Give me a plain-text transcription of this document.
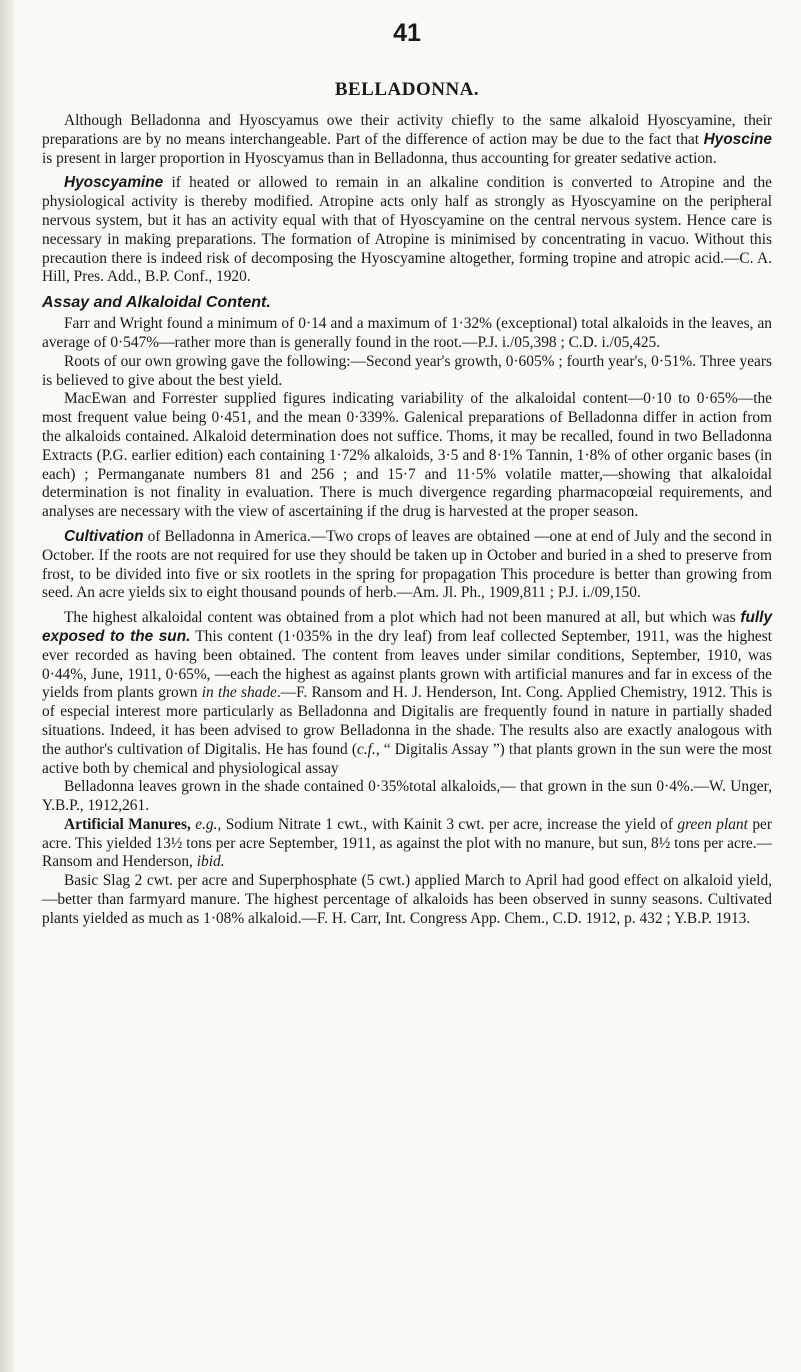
41
BELLADONNA.

Although Belladonna and Hyoscyamus owe their activity chiefly to the same alkaloid Hyoscyamine, their preparations are by no means interchangeable. Part of the difference of action may be due to the fact that Hyoscine is present in larger proportion in Hyoscyamus than in Belladonna, thus accounting for greater sedative action.

Hyoscyamine if heated or allowed to remain in an alkaline condition is converted to Atropine and the physiological activity is thereby modified. Atropine acts only half as strongly as Hyoscyamine on the peripheral nervous system, but it has an activity equal with that of Hyoscyamine on the central nervous system. Hence care is necessary in making preparations. The formation of Atropine is minimised by concentrating in vacuo. Without this precaution there is indeed risk of decomposing the Hyoscyamine altogether, forming tropine and atropic acid.—C. A. Hill, Pres. Add., B.P. Conf., 1920.

Assay and Alkaloidal Content.

Farr and Wright found a minimum of 0·14 and a maximum of 1·32% (exceptional) total alkaloids in the leaves, an average of 0·547%—rather more than is generally found in the root.—P.J. i./05,398 ; C.D. i./05,425.

Roots of our own growing gave the following:—Second year's growth, 0·605% ; fourth year's, 0·51%. Three years is believed to give about the best yield.

MacEwan and Forrester supplied figures indicating variability of the alkaloidal content—0·10 to 0·65%—the most frequent value being 0·451, and the mean 0·339%. Galenical preparations of Belladonna differ in action from the alkaloids contained. Alkaloid determination does not suffice. Thoms, it may be recalled, found in two Belladonna Extracts (P.G. earlier edition) each containing 1·72% alkaloids, 3·5 and 8·1% Tannin, 1·8% of other organic bases (in each) ; Permanganate numbers 81 and 256 ; and 15·7 and 11·5% volatile matter,—showing that alkaloidal determination is not finality in evaluation. There is much divergence regarding pharmacopœial requirements, and analyses are necessary with the view of ascertaining if the drug is harvested at the proper season.

Cultivation of Belladonna in America.—Two crops of leaves are obtained —one at end of July and the second in October. If the roots are not required for use they should be taken up in October and buried in a shed to preserve from frost, to be divided into five or six rootlets in the spring for propagation This procedure is better than growing from seed. An acre yields six to eight thousand pounds of herb.—Am. Jl. Ph., 1909,811 ; P.J. i./09,150.

The highest alkaloidal content was obtained from a plot which had not been manured at all, but which was fully exposed to the sun. This content (1·035% in the dry leaf) from leaf collected September, 1911, was the highest ever recorded as having been obtained. The content from leaves under similar conditions, September, 1910, was 0·44%, June, 1911, 0·65%, —each the highest as against plants grown with artificial manures and far in excess of the yields from plants grown in the shade.—F. Ransom and H. J. Henderson, Int. Cong. Applied Chemistry, 1912. This is of especial interest more particularly as Belladonna and Digitalis are frequently found in nature in partially shaded situations. Indeed, it has been advised to grow Belladonna in the shade. The results also are exactly analogous with the author's cultivation of Digitalis. He has found (c.f., “ Digitalis Assay ”) that plants grown in the sun were the most active both by chemical and physiological assay

Belladonna leaves grown in the shade contained 0·35%total alkaloids,— that grown in the sun 0·4%.—W. Unger, Y.B.P., 1912,261.

Artificial Manures, e.g., Sodium Nitrate 1 cwt., with Kainit 3 cwt. per acre, increase the yield of green plant per acre. This yielded 13½ tons per acre September, 1911, as against the plot with no manure, but sun, 8½ tons per acre.—Ransom and Henderson, ibid.

Basic Slag 2 cwt. per acre and Superphosphate (5 cwt.) applied March to April had good effect on alkaloid yield,—better than farmyard manure. The highest percentage of alkaloids has been observed in sunny seasons. Cultivated plants yielded as much as 1·08% alkaloid.—F. H. Carr, Int. Congress App. Chem., C.D. 1912, p. 432 ; Y.B.P. 1913.
